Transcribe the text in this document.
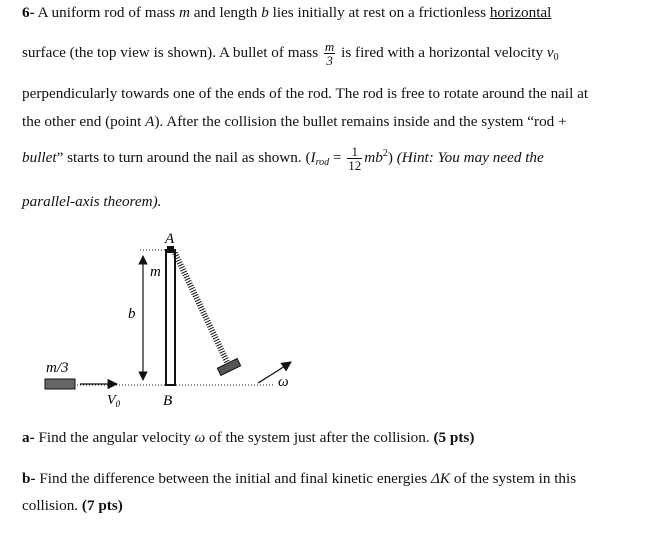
6- A uniform rod of mass m and length b lies initially at rest on a frictionless horizontal
surface (the top view is shown). A bullet of mass $\frac{m}{3}$ is fired with a horizontal velocity $v_0$
perpendicularly towards one of the ends of the rod. The rod is free to rotate around the nail at
the other end (point A). After the collision the bullet remains inside and the system “rod +
bullet” starts to turn around the nail as shown. $(I_{rod} = \frac{1}{12} mb^2)$ (Hint: You may need the
parallel-axis theorem).
A
m
b
m/3
$V_0$	B
ω
a- Find the angular velocity ω of the system just after the collision. (5 pts)
b- Find the difference between the initial and final kinetic energies ΔK of the system in this
collision. (7 pts)
